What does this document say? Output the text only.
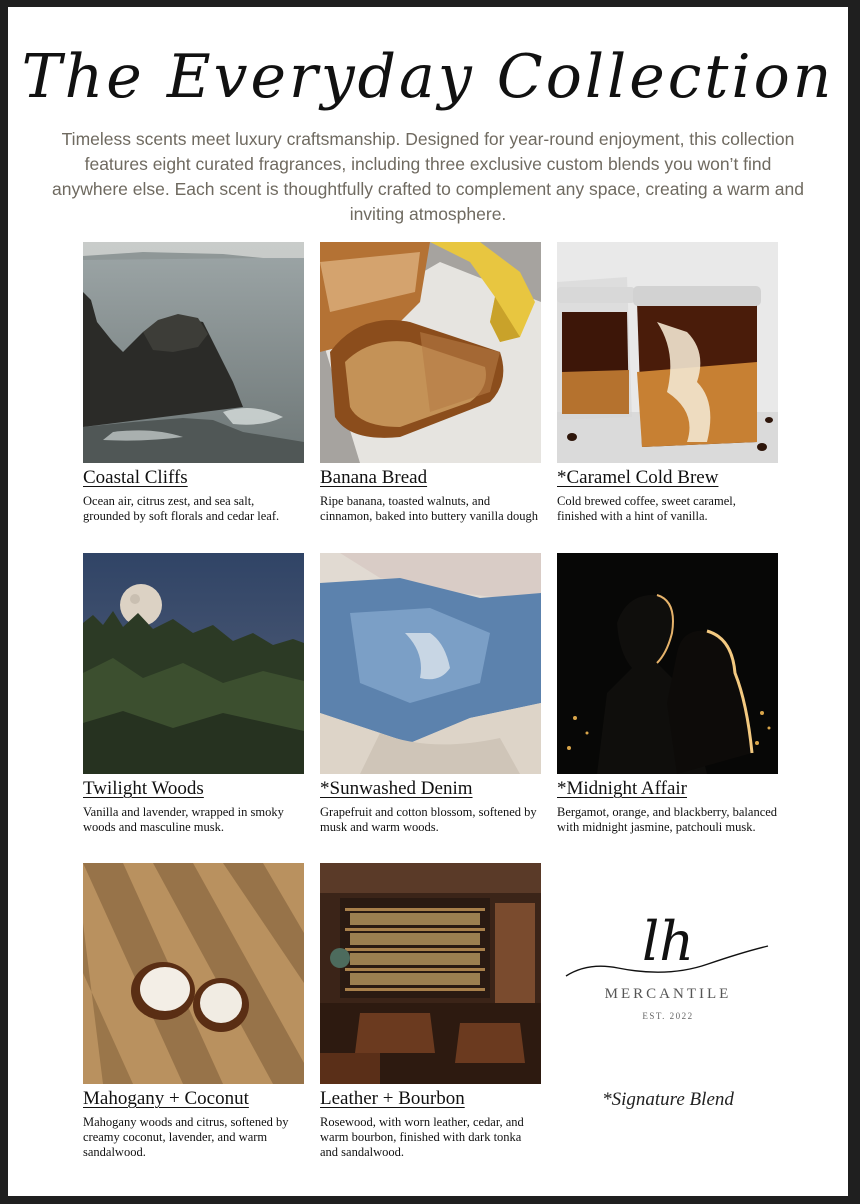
The Everyday Collection
Timeless scents meet luxury craftsmanship. Designed for year-round enjoyment, this collection features eight curated fragrances, including three exclusive custom blends you won’t find anywhere else. Each scent is thoughtfully crafted to complement any space, creating a warm and inviting atmosphere.
Coastal Cliffs
Ocean air, citrus zest, and sea salt, grounded by soft florals and cedar leaf.
Banana Bread
Ripe banana, toasted walnuts, and cinnamon, baked into buttery vanilla dough
*Caramel Cold Brew
Cold brewed coffee, sweet caramel, finished with a hint of vanilla.
Twilight Woods
Vanilla and lavender, wrapped in smoky woods and masculine musk.
*Sunwashed Denim
Grapefruit and cotton blossom, softened by musk and warm woods.
*Midnight Affair
Bergamot, orange, and blackberry, balanced with midnight jasmine, patchouli musk.
Mahogany + Coconut
Mahogany woods and citrus, softened by creamy coconut, lavender, and warm sandalwood.
Leather + Bourbon
Rosewood, with worn leather, cedar, and warm bourbon, finished with dark tonka and sandalwood.
lh
MERCANTILE
EST. 2022
*Signature Blend
